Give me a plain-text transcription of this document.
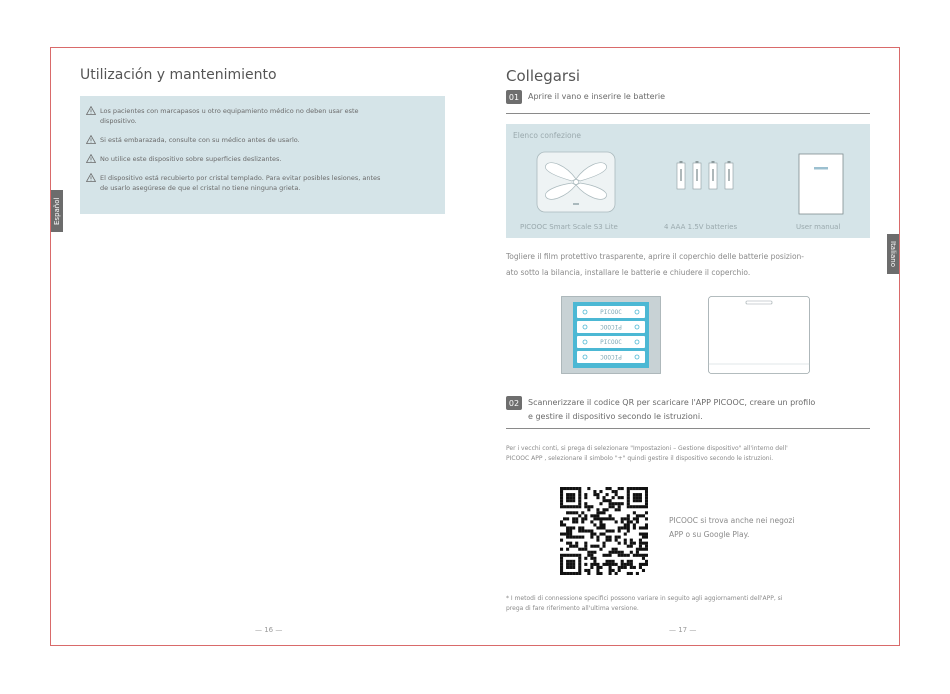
Español
Italiano
Utilización y mantenimiento
Los pacientes con marcapasos u otro equipamiento médico no deben usar este
dispositivo.
Si está embarazada, consulte con su médico antes de usarlo.
No utilice este dispositivo sobre superficies deslizantes.
El dispositivo está recubierto por cristal templado. Para evitar posibles lesiones, antes
de usarlo asegúrese de que el cristal no tiene ninguna grieta.
— 16 —
Collegarsi
01	Aprire il vano e inserire le batterie
Elenco confezione
PICOOC Smart Scale S3 Lite	4 AAA 1.5V batteries	User manual
Togliere il film protettivo trasparente, aprire il coperchio delle batterie posizion-
ato sotto la bilancia, installare le batterie e chiudere il coperchio.
PICOOC
PICOOC
PICOOC
PICOOC
02	Scannerizzare il codice QR per scaricare l'APP PICOOC, creare un profilo
e gestire il dispositivo secondo le istruzioni.
Per i vecchi conti, si prega di selezionare "Impostazioni – Gestione dispositivo" all'interno dell'
PICOOC APP , selezionare il simbolo "+" quindi gestire il dispositivo secondo le istruzioni.
PICOOC si trova anche nei negozi
APP o su Google Play.
* I metodi di connessione specifici possono variare in seguito agli aggiornamenti dell'APP, si
prega di fare riferimento all'ultima versione.
— 17 —
